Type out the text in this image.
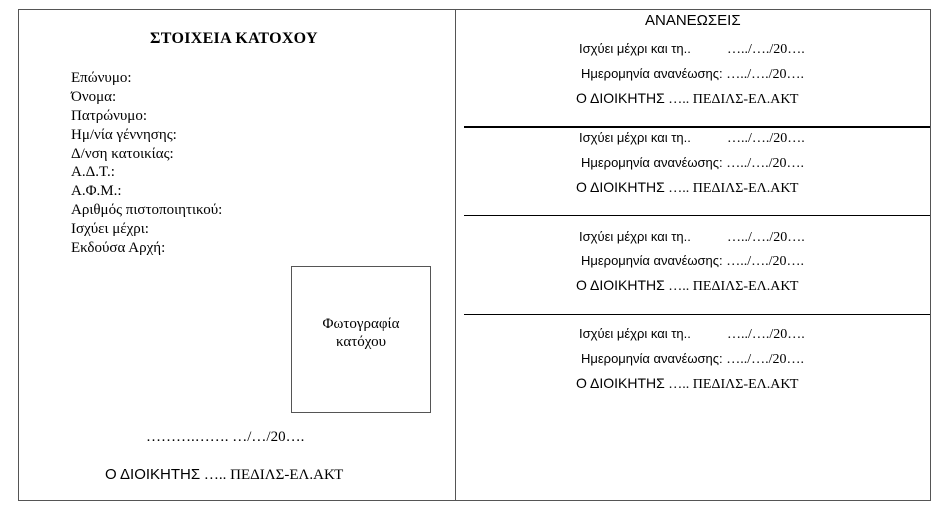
ΣΤΟΙΧΕΙΑ ΚΑΤΟΧΟΥ
Επώνυμο:
Όνομα:
Πατρώνυμο:
Ημ/νία γέννησης:
Δ/νση κατοικίας:
Α.Δ.Τ.:
Α.Φ.Μ.:
Αριθμός πιστοποιητικού:
Ισχύει μέχρι:
Εκδούσα Αρχή:
Φωτογραφία
κατόχου
……….……. …/…/20….
Ο ΔΙΟΙΚΗΤΗΣ ….. ΠΕΔΙΛΣ-ΕΛ.ΑΚΤ
ΑΝΑΝΕΩΣΕΙΣ
Ισχύει μέχρι και τη..	…../…./20….
Ημερομηνία ανανέωσης: …../…./20….
Ο ΔΙΟΙΚΗΤΗΣ ….. ΠΕΔΙΛΣ-ΕΛ.ΑΚΤ
Ισχύει μέχρι και τη..	…../…./20….
Ημερομηνία ανανέωσης: …../…./20….
Ο ΔΙΟΙΚΗΤΗΣ ….. ΠΕΔΙΛΣ-ΕΛ.ΑΚΤ
Ισχύει μέχρι και τη..	…../…./20….
Ημερομηνία ανανέωσης: …../…./20….
Ο ΔΙΟΙΚΗΤΗΣ ….. ΠΕΔΙΛΣ-ΕΛ.ΑΚΤ
Ισχύει μέχρι και τη..	…../…./20….
Ημερομηνία ανανέωσης: …../…./20….
Ο ΔΙΟΙΚΗΤΗΣ ….. ΠΕΔΙΛΣ-ΕΛ.ΑΚΤ
